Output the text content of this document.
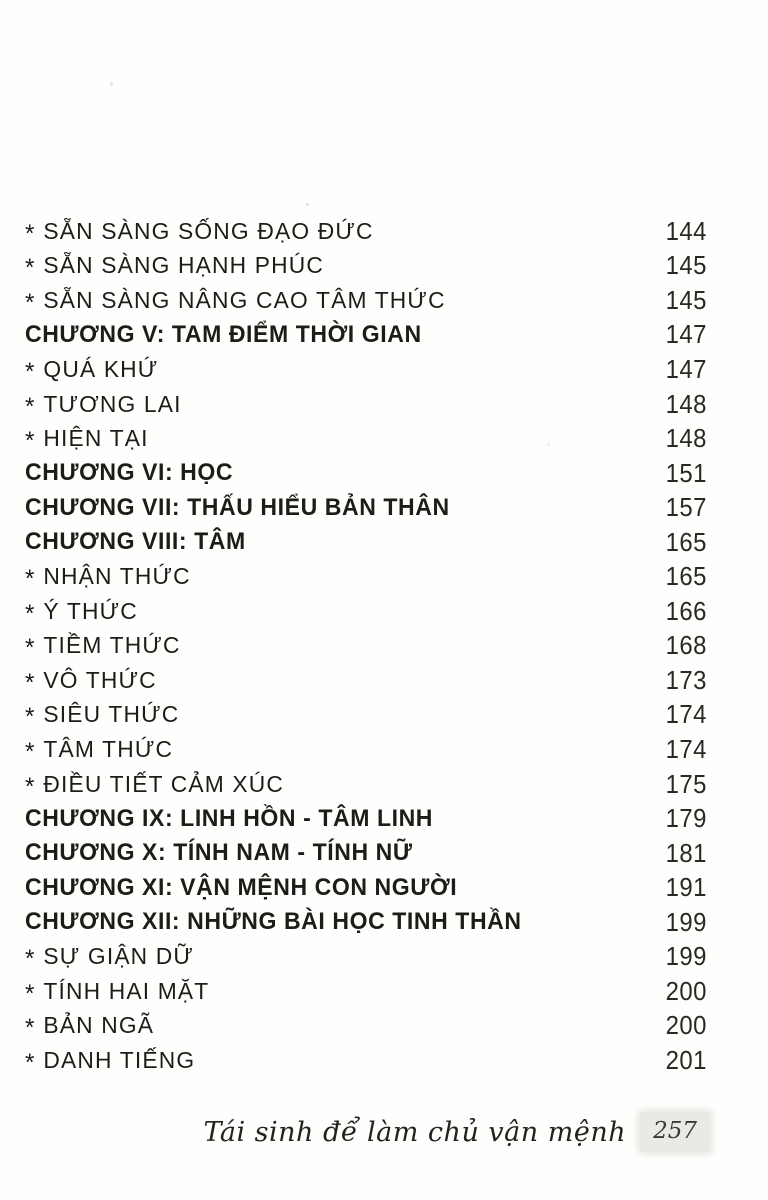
* SẴN SÀNG SỐNG ĐẠO ĐỨC	144
* SẴN SÀNG HẠNH PHÚC	145
* SẴN SÀNG NÂNG CAO TÂM THỨC	145
CHƯƠNG V: TAM ĐIỂM THỜI GIAN	147
* QUÁ KHỨ	147
* TƯƠNG LAI	148
* HIỆN TẠI	148
CHƯƠNG VI: HỌC	151
CHƯƠNG VII: THẤU HIỂU BẢN THÂN	157
CHƯƠNG VIII: TÂM	165
* NHẬN THỨC	165
* Ý THỨC	166
* TIỀM THỨC	168
* VÔ THỨC	173
* SIÊU THỨC	174
* TÂM THỨC	174
* ĐIỀU TIẾT CẢM XÚC	175
CHƯƠNG IX: LINH HỒN - TÂM LINH	179
CHƯƠNG X: TÍNH NAM - TÍNH NỮ	181
CHƯƠNG XI: VẬN MỆNH CON NGƯỜI	191
CHƯƠNG XII: NHỮNG BÀI HỌC TINH THẦN	199
* SỰ GIẬN DỮ	199
* TÍNH HAI MẶT	200
* BẢN NGÃ	200
* DANH TIẾNG	201
Tái sinh để làm chủ vận mệnh	257
